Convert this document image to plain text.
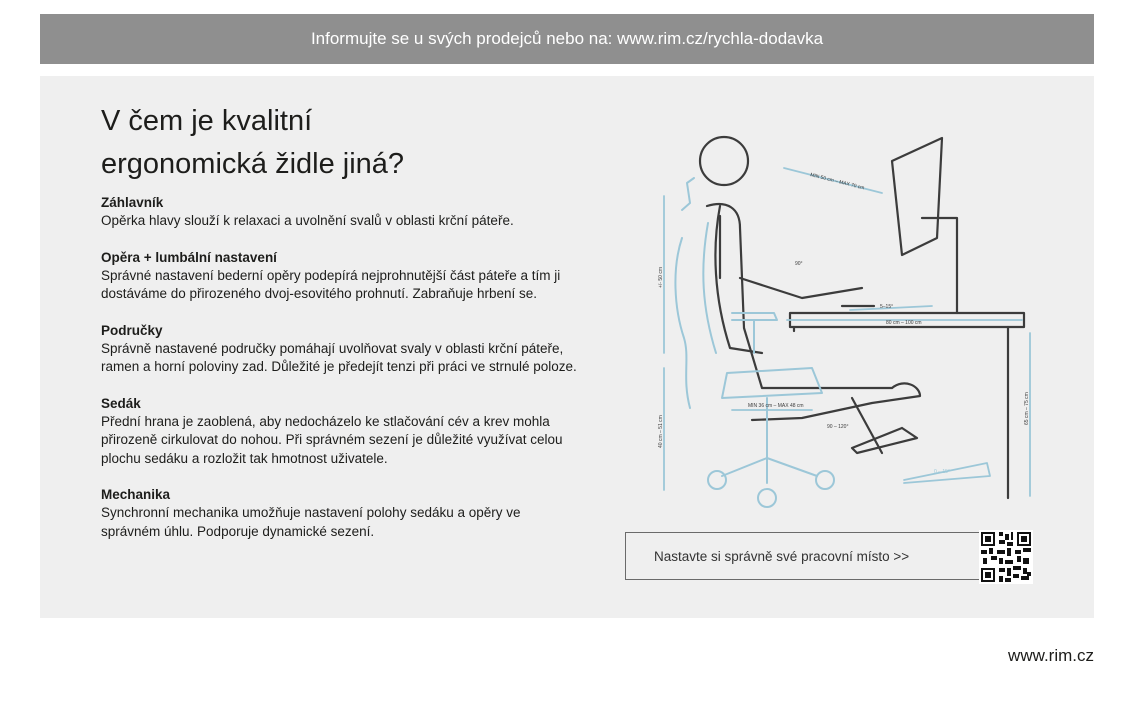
Informujte se u svých prodejců nebo na: www.rim.cz/rychla-dodavka
V čem je kvalitní
ergonomická židle jiná?
Záhlavník
Opěrka hlavy slouží k relaxaci a uvolnění svalů v oblasti krční páteře.
Opěra + lumbální nastavení
Správné nastavení bederní opěry podepírá nejprohnutější část páteře a tím ji dostáváme do přirozeného dvoj-esovitého prohnutí. Zabraňuje hrbení se.
Područky
Správně nastavené područky pomáhají uvolňovat svaly v oblasti krční páteře, ramen a horní poloviny zad. Důležité je předejít tenzi při práci ve strnulé poloze.
Sedák
Přední hrana je zaoblená, aby nedocházelo ke stlačování cév a krev mohla přirozeně cirkulovat do nohou. Při správném sezení je důležité využívat celou plochu sedáku a rozložit tak hmotnost uživatele.
Mechanika
Synchronní mechanika umožňuje nastavení polohy sedáku a opěry ve správném úhlu. Podporuje dynamické sezení.
MIN 50 cm – MAX 70 cm
90°
5–15°
80 cm – 100 cm
+/- 50 cm
40 cm – 51 cm
MIN 36 cm – MAX 48 cm
90 – 120°
65 cm – 75 cm
0 – 15°
Nastavte si správně své pracovní místo >>
www.rim.cz
